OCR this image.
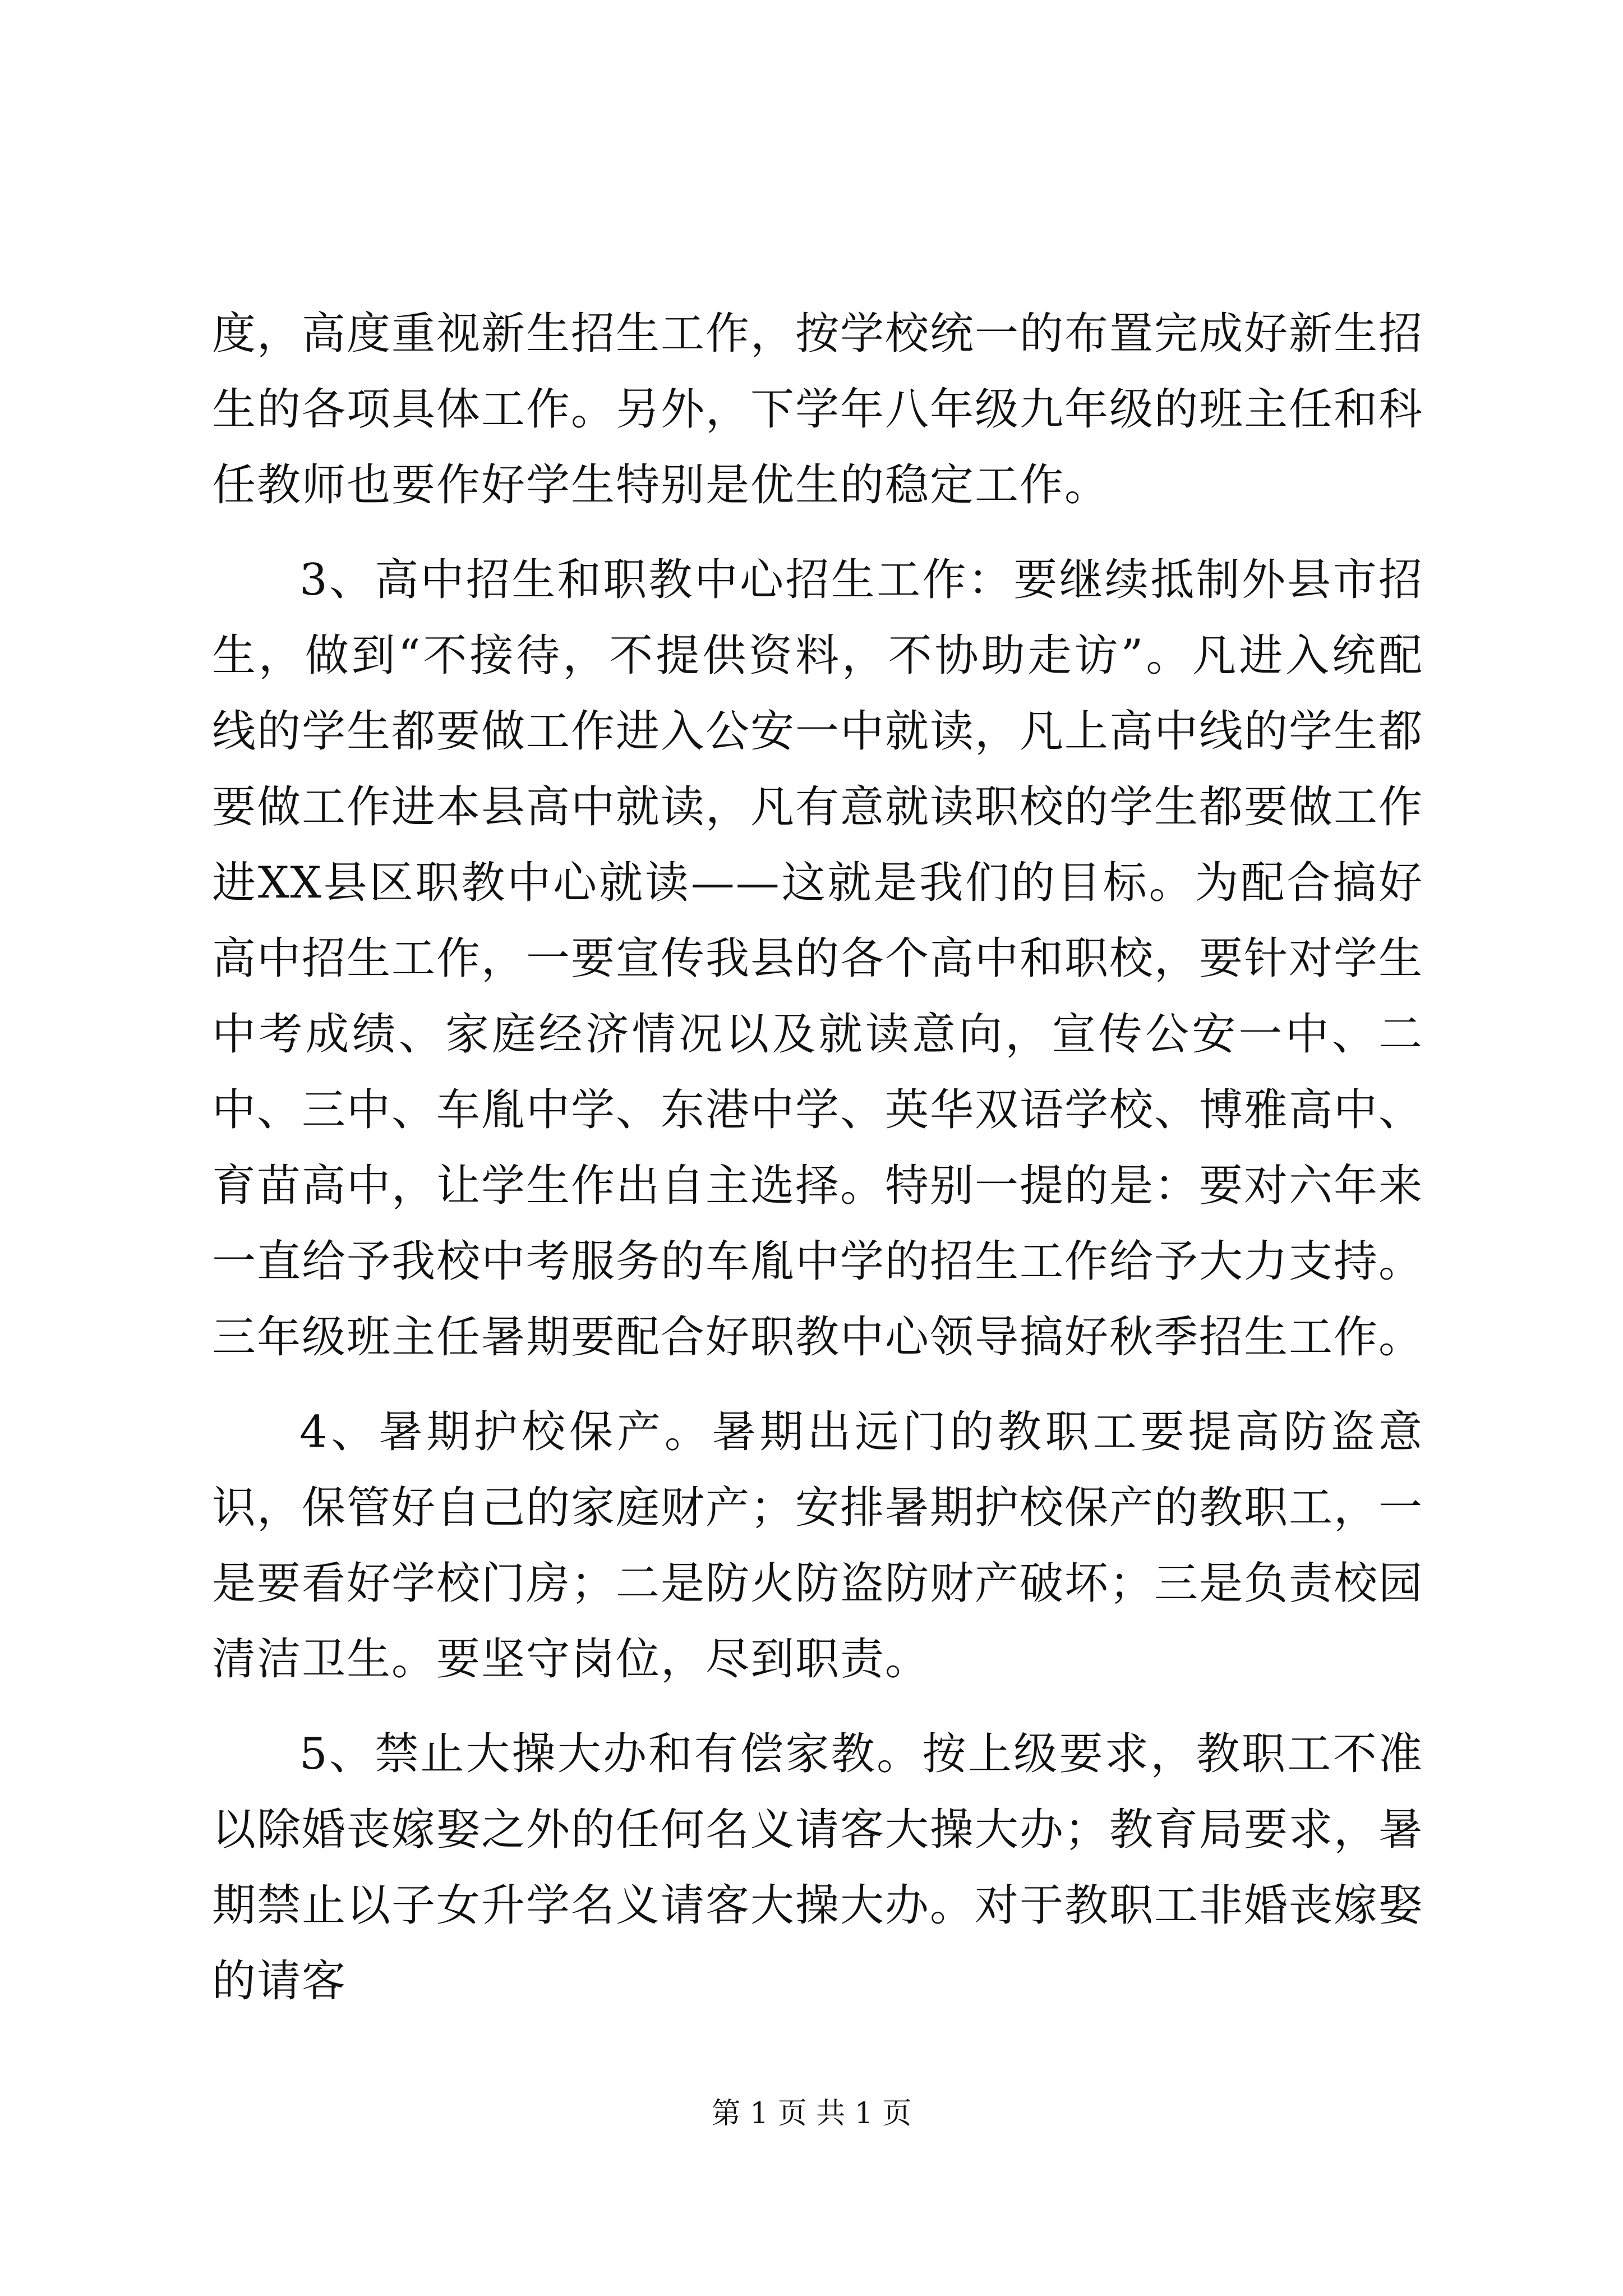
度，高度重视新生招生工作，按学校统一的布置完成好新生招生的各项具体工作。另外，下学年八年级九年级的班主任和科任教师也要作好学生特别是优生的稳定工作。

3、高中招生和职教中心招生工作：要继续抵制外县市招生，做到“不接待，不提供资料，不协助走访”。凡进入统配线的学生都要做工作进入公安一中就读，凡上高中线的学生都要做工作进本县高中就读，凡有意就读职校的学生都要做工作进XX县区职教中心就读——这就是我们的目标。为配合搞好高中招生工作，一要宣传我县的各个高中和职校，要针对学生中考成绩、家庭经济情况以及就读意向，宣传公安一中、二中、三中、车胤中学、东港中学、英华双语学校、博雅高中、育苗高中，让学生作出自主选择。特别一提的是：要对六年来一直给予我校中考服务的车胤中学的招生工作给予大力支持。三年级班主任暑期要配合好职教中心领导搞好秋季招生工作。

4、暑期护校保产。暑期出远门的教职工要提高防盗意识，保管好自己的家庭财产；安排暑期护校保产的教职工，一是要看好学校门房；二是防火防盗防财产破坏；三是负责校园清洁卫生。要坚守岗位，尽到职责。

5、禁止大操大办和有偿家教。按上级要求，教职工不准以除婚丧嫁娶之外的任何名义请客大操大办；教育局要求，暑期禁止以子女升学名义请客大操大办。对于教职工非婚丧嫁娶的请客

第 1 页 共 1 页
